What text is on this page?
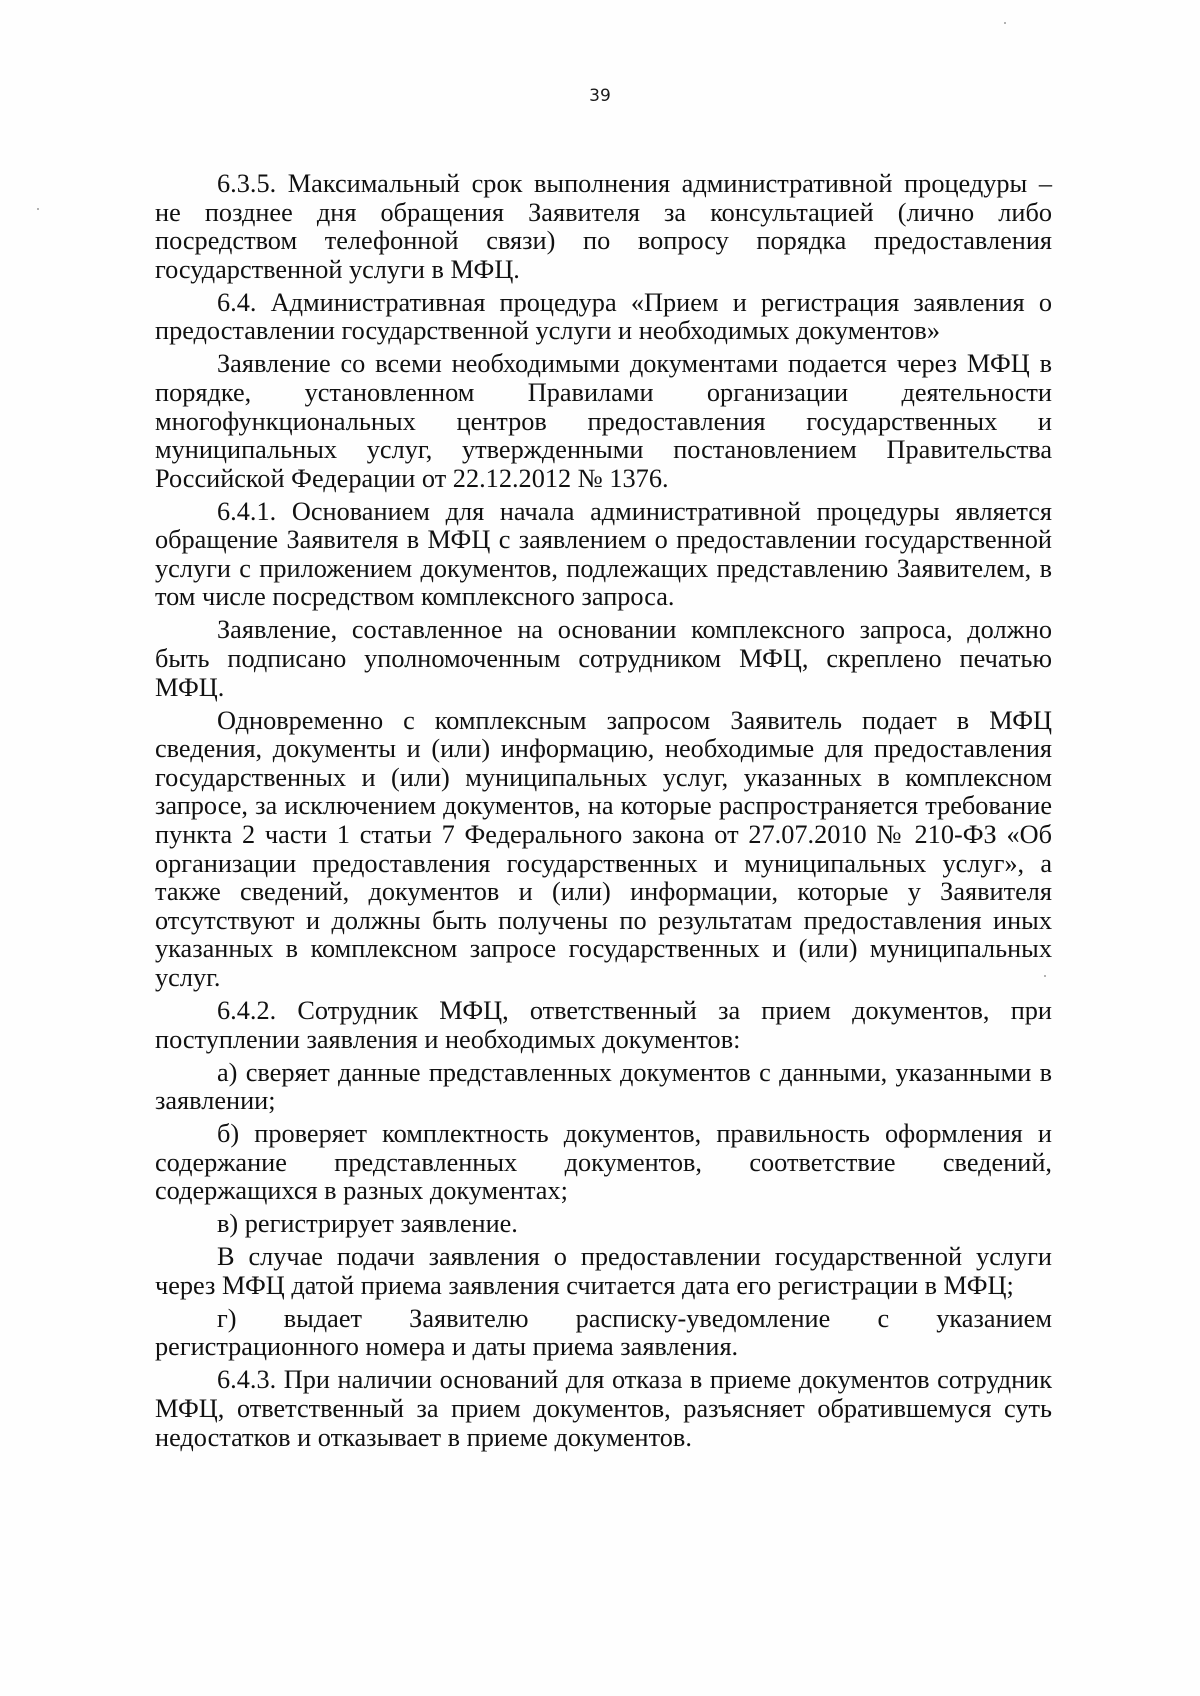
39

6.3.5. Максимальный срок выполнения административной процедуры – не позднее дня обращения Заявителя за консультацией (лично либо посредством телефонной связи) по вопросу порядка предоставления государственной услуги в МФЦ.

6.4. Административная процедура «Прием и регистрация заявления о предоставлении государственной услуги и необходимых документов»

Заявление со всеми необходимыми документами подается через МФЦ в порядке, установленном Правилами организации деятельности многофункциональных центров предоставления государственных и муниципальных услуг, утвержденными постановлением Правительства Российской Федерации от 22.12.2012 № 1376.

6.4.1. Основанием для начала административной процедуры является обращение Заявителя в МФЦ с заявлением о предоставлении государственной услуги с приложением документов, подлежащих представлению Заявителем, в том числе посредством комплексного запроса.

Заявление, составленное на основании комплексного запроса, должно быть подписано уполномоченным сотрудником МФЦ, скреплено печатью МФЦ.

Одновременно с комплексным запросом Заявитель подает в МФЦ сведения, документы и (или) информацию, необходимые для предоставления государственных и (или) муниципальных услуг, указанных в комплексном запросе, за исключением документов, на которые распространяется требование пункта 2 части 1 статьи 7 Федерального закона от 27.07.2010 № 210-ФЗ «Об организации предоставления государственных и муниципальных услуг», а также сведений, документов и (или) информации, которые у Заявителя отсутствуют и должны быть получены по результатам предоставления иных указанных в комплексном запросе государственных и (или) муниципальных услуг.

6.4.2. Сотрудник МФЦ, ответственный за прием документов, при поступлении заявления и необходимых документов:

а) сверяет данные представленных документов с данными, указанными в заявлении;

б) проверяет комплектность документов, правильность оформления и содержание представленных документов, соответствие сведений, содержащихся в разных документах;

в) регистрирует заявление.

В случае подачи заявления о предоставлении государственной услуги через МФЦ датой приема заявления считается дата его регистрации в МФЦ;

г) выдает Заявителю расписку-уведомление с указанием регистрационного номера и даты приема заявления.

6.4.3. При наличии оснований для отказа в приеме документов сотрудник МФЦ, ответственный за прием документов, разъясняет обратившемуся суть недостатков и отказывает в приеме документов.
